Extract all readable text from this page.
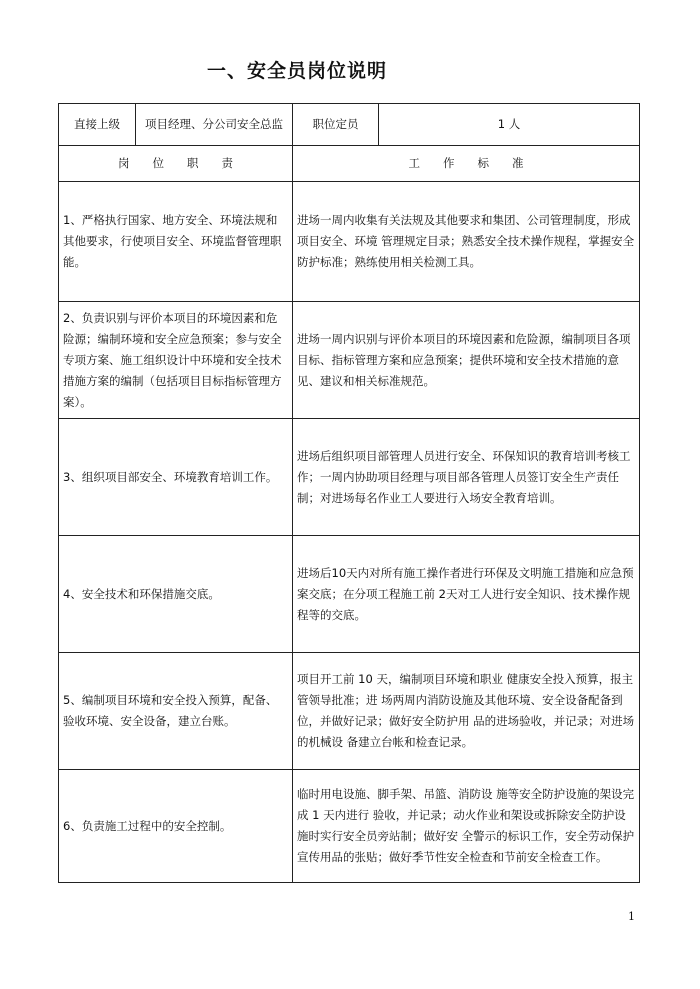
一、安全员岗位说明
直接上级	项目经理、分公司安全总监	职位定员	1 人
岗　　位　　职　　责		工　　作　　标　　准	
1、严格执行国家、地方安全、环境法规和 其他要求，行使项目安全、环境监督管理职能。		进场一周内收集有关法规及其他要求和集团、公司管理制度，形成项目安全、环境 管理规定目录；熟悉安全技术操作规程，掌握安全防护标准；熟练使用相关检测工具。	
2、负责识别与评价本项目的环境因素和危 险源；编制环境和安全应急预案；参与安全专项方案、施工组织设计中环境和安全技术措施方案的编制（包括项目目标指标管理方案）。		进场一周内识别与评价本项目的环境因素和危险源，编制项目各项目标、指标管理方案和应急预案；提供环境和安全技术措施的意见、建议和相关标准规范。	
3、组织项目部安全、环境教育培训工作。		进场后组织项目部管理人员进行安全、环保知识的教育培训考核工作；一周内协助项目经理与项目部各管理人员签订安全生产责任制；对进场每名作业工人要进行入场安全教育培训。	
4、安全技术和环保措施交底。		进场后10天内对所有施工操作者进行环保及文明施工措施和应急预案交底；在分项工程施工前 2天对工人进行安全知识、技术操作规程等的交底。	
5、编制项目环境和安全投入预算，配备、验收环境、安全设备，建立台账。		项目开工前 10 天，编制项目环境和职业 健康安全投入预算，报主管领导批准；进 场两周内消防设施及其他环境、安全设备配备到位，并做好记录；做好安全防护用 品的进场验收，并记录；对进场的机械设 备建立台帐和检查记录。	
6、负责施工过程中的安全控制。		临时用电设施、脚手架、吊篮、消防设 施等安全防护设施的架设完成 1 天内进行 验收，并记录；动火作业和架设或拆除安全防护设施时实行安全员旁站制；做好安 全警示的标识工作，安全劳动保护宣传用品的张贴；做好季节性安全检查和节前安全检查工作。	
1
